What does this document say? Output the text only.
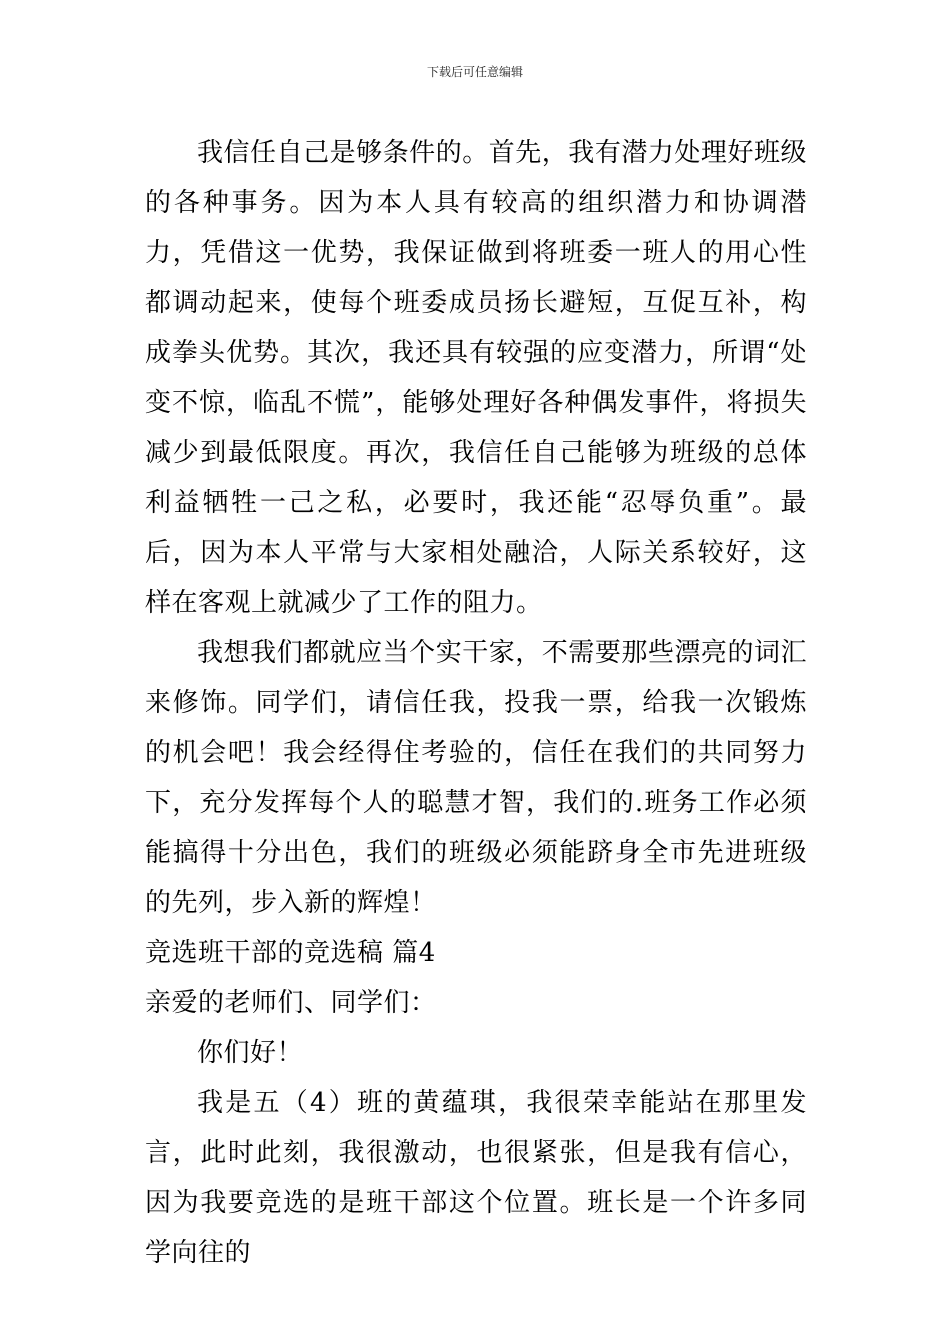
下载后可任意编辑

我信任自己是够条件的。首先，我有潜力处理好班级的各种事务。因为本人具有较高的组织潜力和协调潜力，凭借这一优势，我保证做到将班委一班人的用心性都调动起来，使每个班委成员扬长避短，互促互补，构成拳头优势。其次，我还具有较强的应变潜力，所谓“处变不惊，临乱不慌”，能够处理好各种偶发事件，将损失减少到最低限度。再次，我信任自己能够为班级的总体利益牺牲一己之私，必要时，我还能“忍辱负重”。最后，因为本人平常与大家相处融洽，人际关系较好，这样在客观上就减少了工作的阻力。

我想我们都就应当个实干家，不需要那些漂亮的词汇来修饰。同学们，请信任我，投我一票，给我一次锻炼的机会吧！我会经得住考验的，信任在我们的共同努力下，充分发挥每个人的聪慧才智，我们的.班务工作必须能搞得十分出色，我们的班级必须能跻身全市先进班级的先列，步入新的辉煌！

竞选班干部的竞选稿 篇4

亲爱的老师们、同学们：

你们好！

我是五（4）班的黄蕴琪，我很荣幸能站在那里发言，此时此刻，我很激动，也很紧张，但是我有信心，因为我要竞选的是班干部这个位置。班长是一个许多同学向往的
